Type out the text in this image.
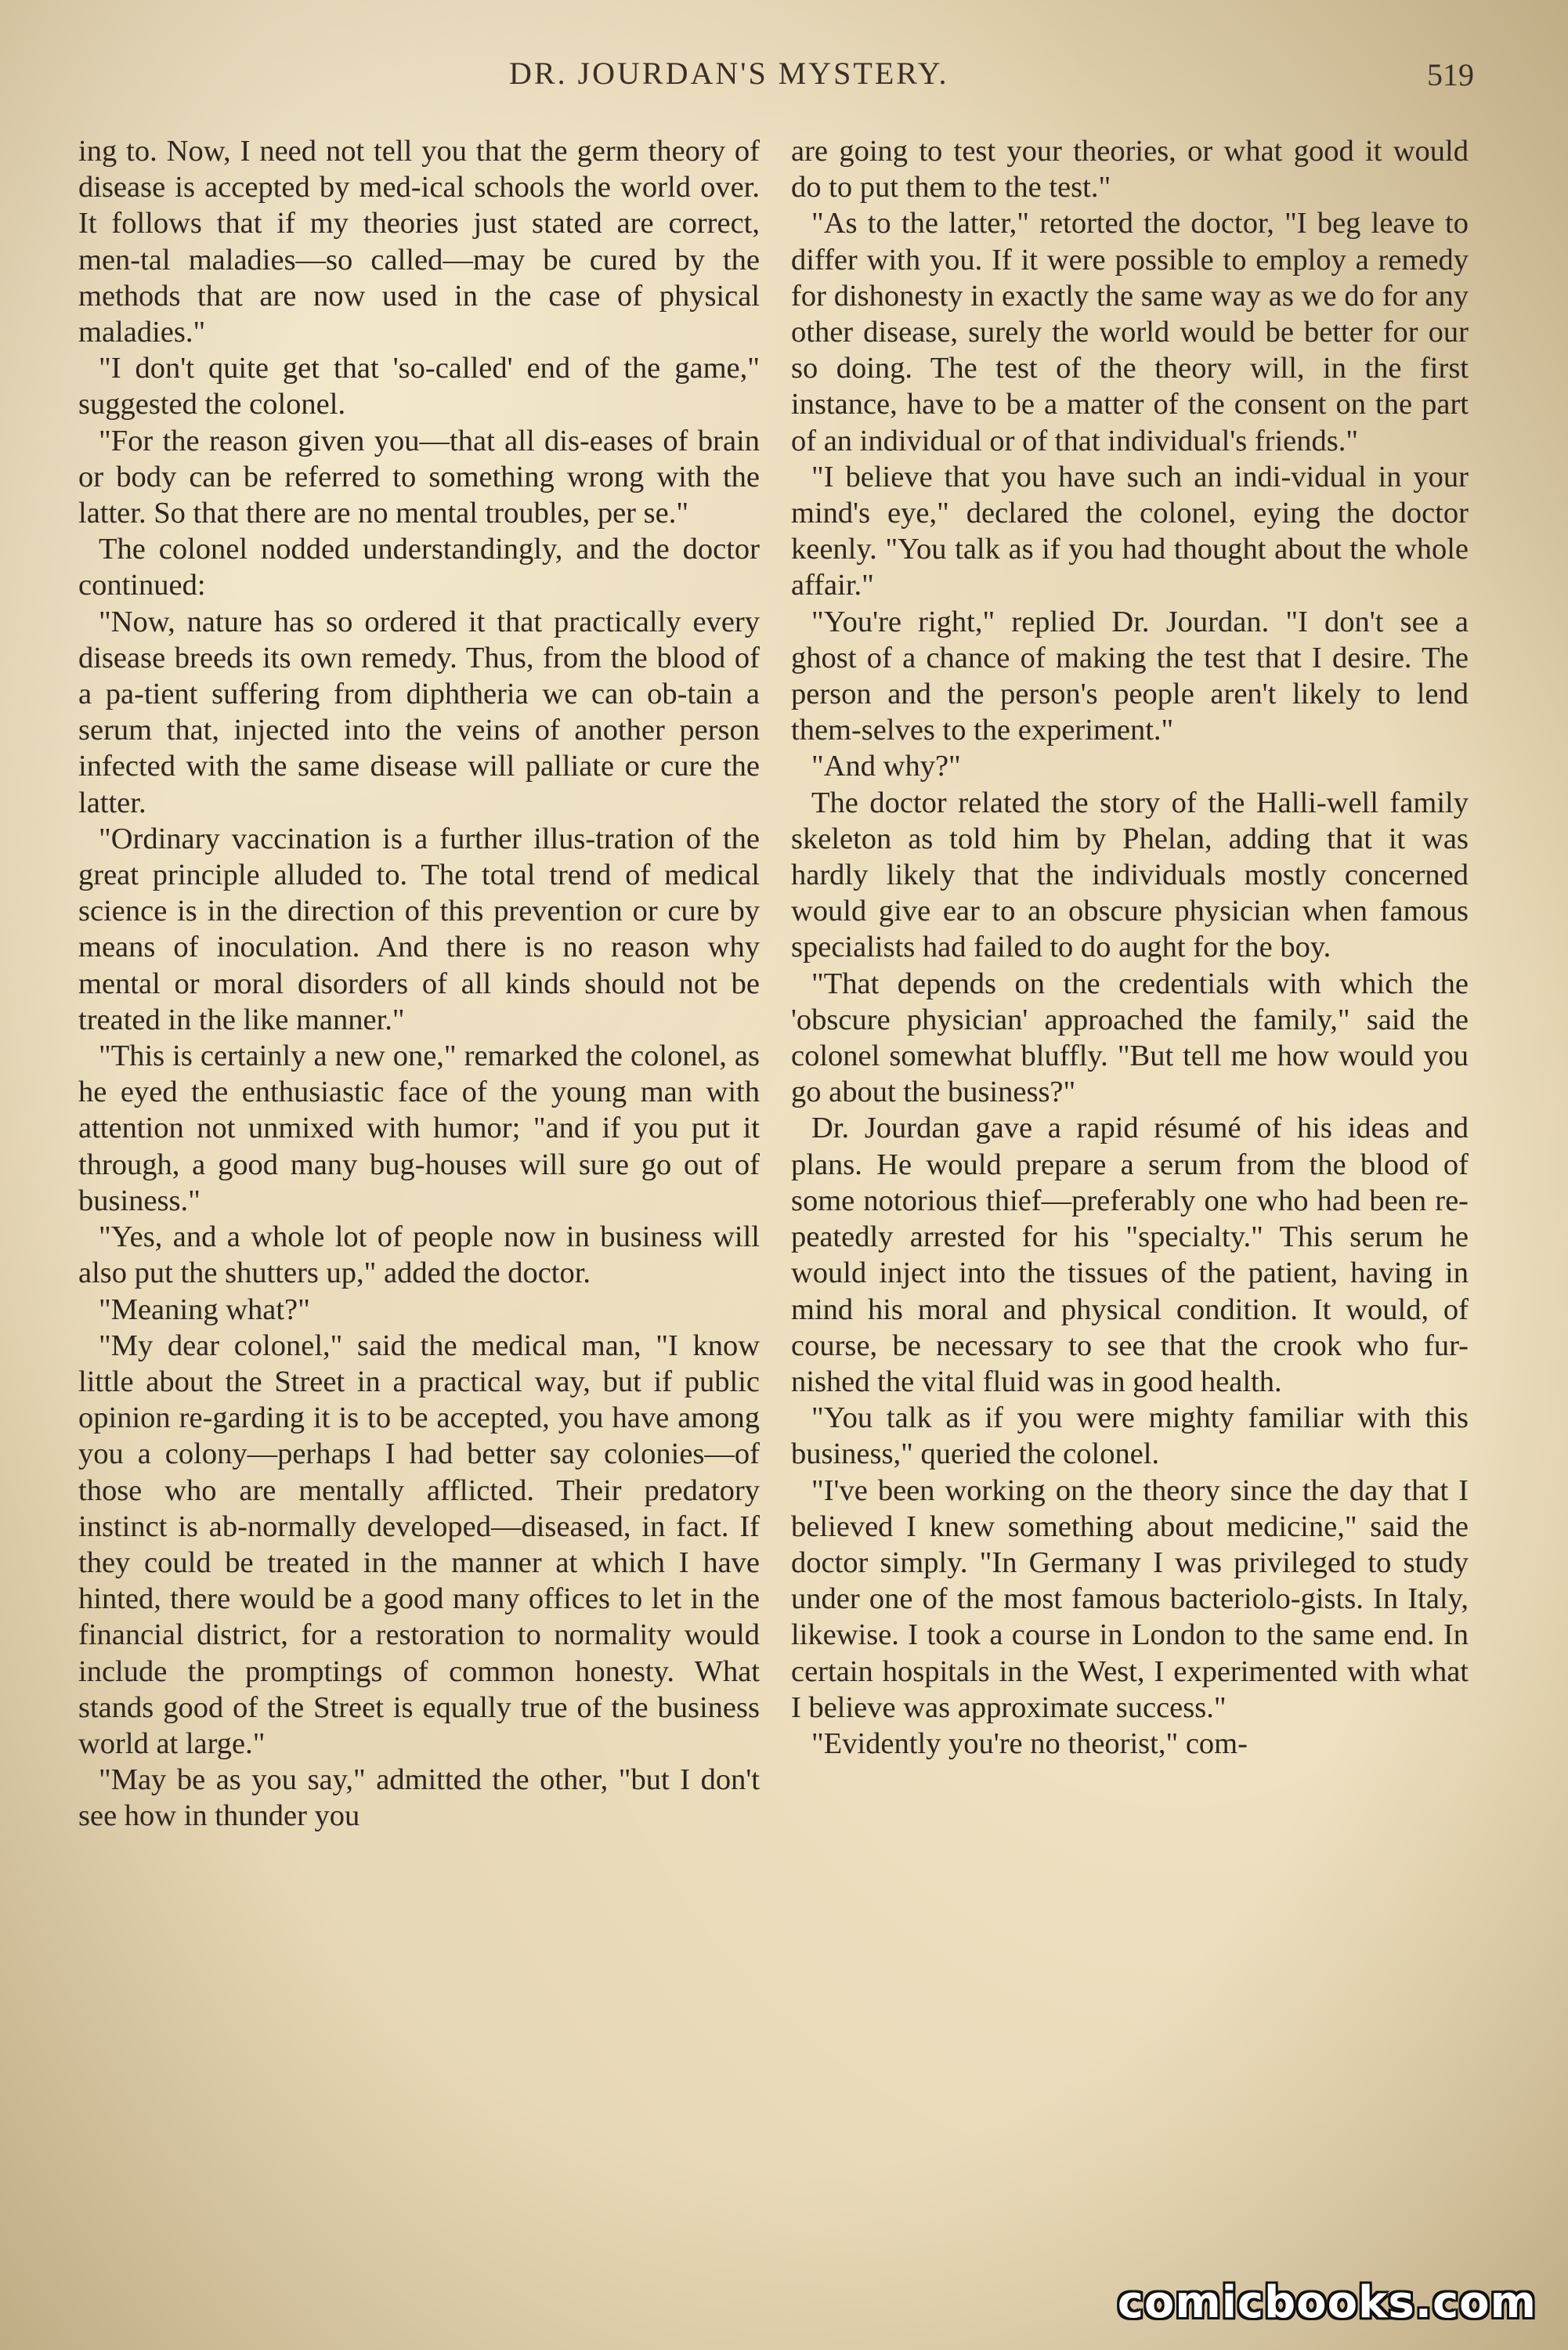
DR. JOURDAN'S MYSTERY.	519

ing to. Now, I need not tell you that the germ theory of disease is accepted by med-ical schools the world over. It follows that if my theories just stated are correct, men-tal maladies—so called—may be cured by the methods that are now used in the case of physical maladies."

"I don't quite get that 'so-called' end of the game," suggested the colonel.

"For the reason given you—that all dis-eases of brain or body can be referred to something wrong with the latter. So that there are no mental troubles, per se."

The colonel nodded understandingly, and the doctor continued:

"Now, nature has so ordered it that practically every disease breeds its own remedy. Thus, from the blood of a pa-tient suffering from diphtheria we can ob-tain a serum that, injected into the veins of another person infected with the same disease will palliate or cure the latter.

"Ordinary vaccination is a further illus-tration of the great principle alluded to. The total trend of medical science is in the direction of this prevention or cure by means of inoculation. And there is no reason why mental or moral disorders of all kinds should not be treated in the like manner."

"This is certainly a new one," remarked the colonel, as he eyed the enthusiastic face of the young man with attention not unmixed with humor; "and if you put it through, a good many bug-houses will sure go out of business."

"Yes, and a whole lot of people now in business will also put the shutters up," added the doctor.

"Meaning what?"

"My dear colonel," said the medical man, "I know little about the Street in a practical way, but if public opinion re-garding it is to be accepted, you have among you a colony—perhaps I had better say colonies—of those who are mentally afflicted. Their predatory instinct is ab-normally developed—diseased, in fact. If they could be treated in the manner at which I have hinted, there would be a good many offices to let in the financial district, for a restoration to normality would include the promptings of common honesty. What stands good of the Street is equally true of the business world at large."

"May be as you say," admitted the other, "but I don't see how in thunder you

are going to test your theories, or what good it would do to put them to the test."

"As to the latter," retorted the doctor, "I beg leave to differ with you. If it were possible to employ a remedy for dishonesty in exactly the same way as we do for any other disease, surely the world would be better for our so doing. The test of the theory will, in the first instance, have to be a matter of the consent on the part of an individual or of that individual's friends."

"I believe that you have such an indi-vidual in your mind's eye," declared the colonel, eying the doctor keenly. "You talk as if you had thought about the whole affair."

"You're right," replied Dr. Jourdan. "I don't see a ghost of a chance of making the test that I desire. The person and the person's people aren't likely to lend them-selves to the experiment."

"And why?"

The doctor related the story of the Halli-well family skeleton as told him by Phelan, adding that it was hardly likely that the individuals mostly concerned would give ear to an obscure physician when famous specialists had failed to do aught for the boy.

"That depends on the credentials with which the 'obscure physician' approached the family," said the colonel somewhat bluffly. "But tell me how would you go about the business?"

Dr. Jourdan gave a rapid résumé of his ideas and plans. He would prepare a serum from the blood of some notorious thief—preferably one who had been re-peatedly arrested for his "specialty." This serum he would inject into the tissues of the patient, having in mind his moral and physical condition. It would, of course, be necessary to see that the crook who fur-nished the vital fluid was in good health.

"You talk as if you were mighty familiar with this business," queried the colonel.

"I've been working on the theory since the day that I believed I knew something about medicine," said the doctor simply. "In Germany I was privileged to study under one of the most famous bacteriolo-gists. In Italy, likewise. I took a course in London to the same end. In certain hospitals in the West, I experimented with what I believe was approximate success."

"Evidently you're no theorist," com-

comicbooks.com
